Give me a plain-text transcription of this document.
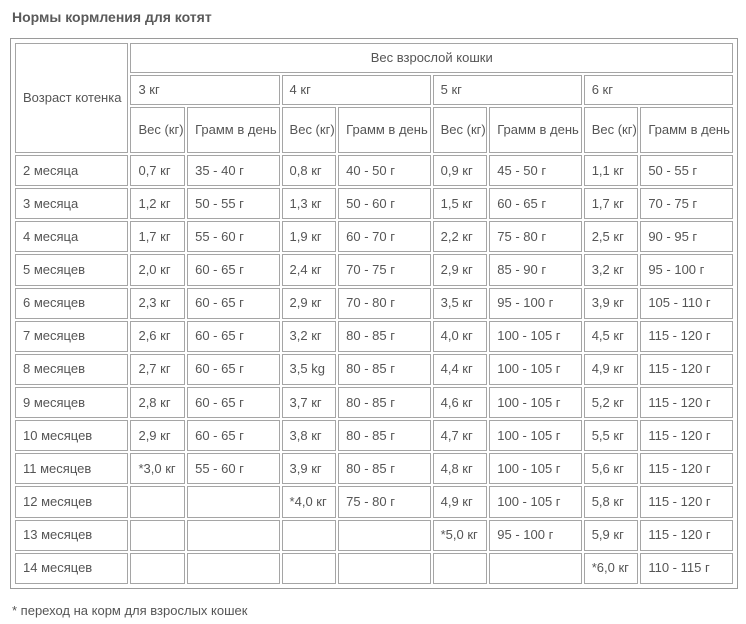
Нормы кормления для котят
Возраст котенка	Вес взрослой кошки							
	3 кг		4 кг		5 кг		6 кг	
	Вес (кг)	Грамм в день	Вес (кг)	Грамм в день	Вес (кг)	Грамм в день	Вес (кг)	Грамм в день
2 месяца	0,7 кг	35 - 40 г	0,8 кг	40 - 50 г	0,9 кг	45 - 50 г	1,1 кг	50 - 55 г
3 месяца	1,2 кг	50 - 55 г	1,3 кг	50 - 60 г	1,5 кг	60 - 65 г	1,7 кг	70 - 75 г
4 месяца	1,7 кг	55 - 60 г	1,9 кг	60 - 70 г	2,2 кг	75 - 80 г	2,5 кг	90 - 95 г
5 месяцев	2,0 кг	60 - 65 г	2,4 кг	70 - 75 г	2,9 кг	85 - 90 г	3,2 кг	95 - 100 г
6 месяцев	2,3 кг	60 - 65 г	2,9 кг	70 - 80 г	3,5 кг	95 - 100 г	3,9 кг	105 - 110 г
7 месяцев	2,6 кг	60 - 65 г	3,2 кг	80 - 85 г	4,0 кг	100 - 105 г	4,5 кг	115 - 120 г
8 месяцев	2,7 кг	60 - 65 г	3,5 kg	80 - 85 г	4,4 кг	100 - 105 г	4,9 кг	115 - 120 г
9 месяцев	2,8 кг	60 - 65 г	3,7 кг	80 - 85 г	4,6 кг	100 - 105 г	5,2 кг	115 - 120 г
10 месяцев	2,9 кг	60 - 65 г	3,8 кг	80 - 85 г	4,7 кг	100 - 105 г	5,5 кг	115 - 120 г
11 месяцев	*3,0 кг	55 - 60 г	3,9 кг	80 - 85 г	4,8 кг	100 - 105 г	5,6 кг	115 - 120 г
12 месяцев			*4,0 кг	75 - 80 г	4,9 кг	100 - 105 г	5,8 кг	115 - 120 г
13 месяцев					*5,0 кг	95 - 100 г	5,9 кг	115 - 120 г
14 месяцев							*6,0 кг	110 - 115 г

* переход на корм для взрослых кошек
